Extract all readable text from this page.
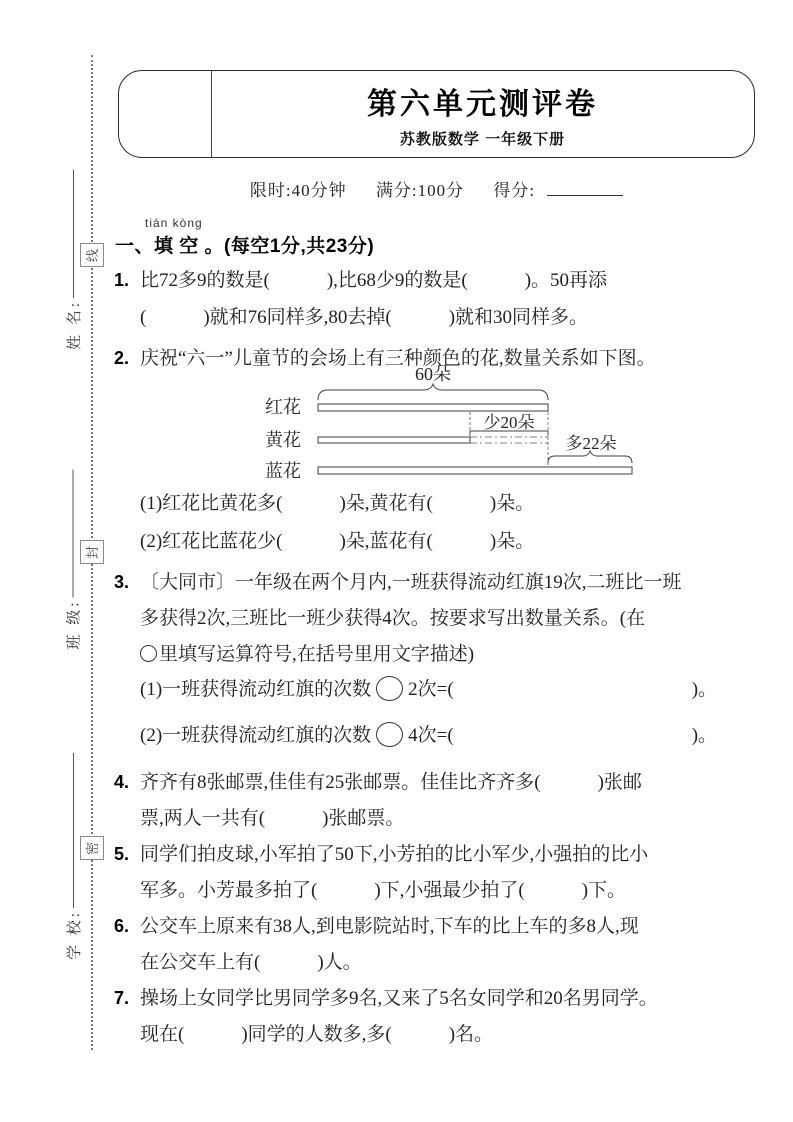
线
封
密
姓 名:
班 级:
学 校:
第六单元测评卷
苏教版数学 一年级下册
限时:40分钟 满分:100分 得分:
tián kòng
一、填 空 。(每空1分,共23分)
1. 比72多9的数是(　　　),比68少9的数是(　　　)。50再添
(　　　)就和76同样多,80去掉(　　　)就和30同样多。
2. 庆祝“六一”儿童节的会场上有三种颜色的花,数量关系如下图。
红花
黄花
蓝花
60朵
少20朵
多22朵
(1)红花比黄花多(　　　)朵,黄花有(　　　)朵。
(2)红花比蓝花少(　　　)朵,蓝花有(　　　)朵。
3. 〔大同市〕一年级在两个月内,一班获得流动红旗19次,二班比一班
多获得2次,三班比一班少获得4次。按要求写出数量关系。(在
里填写运算符号,在括号里用文字描述)
(1)一班获得流动红旗的次数 2次=(	)。
(2)一班获得流动红旗的次数 4次=(	)。
4. 齐齐有8张邮票,佳佳有25张邮票。佳佳比齐齐多(　　　)张邮
票,两人一共有(　　　)张邮票。
5. 同学们拍皮球,小军拍了50下,小芳拍的比小军少,小强拍的比小
军多。小芳最多拍了(　　　)下,小强最少拍了(　　　)下。
6. 公交车上原来有38人,到电影院站时,下车的比上车的多8人,现
在公交车上有(　　　)人。
7. 操场上女同学比男同学多9名,又来了5名女同学和20名男同学。
现在(　　　)同学的人数多,多(　　　)名。
